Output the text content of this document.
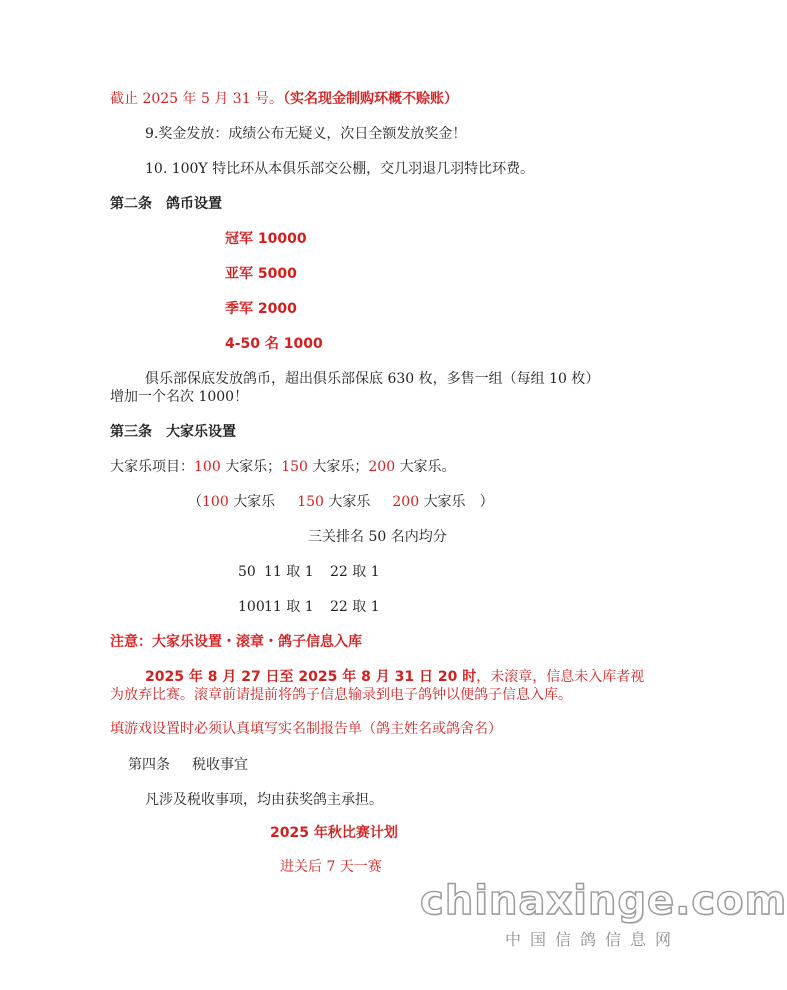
截止 2025 年 5 月 31 号。（实名现金制购环概不赊账）
9.奖金发放：成绩公布无疑义，次日全额发放奖金！
10. 100Y 特比环从本俱乐部交公棚，交几羽退几羽特比环费。
第二条 鸽币设置
冠军 10000
亚军 5000
季军 2000
4-50 名 1000
俱乐部保底发放鸽币，超出俱乐部保底 630 枚，多售一组（每组 10 枚）
增加一个名次 1000！
第三条 大家乐设置
大家乐项目：100 大家乐；150 大家乐；200 大家乐。
（100 大家乐 150 大家乐 200 大家乐 ）
三关排名 50 名内均分
50 11 取 1 22 取 1
10011 取 1 22 取 1
注意：大家乐设置・滚章・鸽子信息入库
2025 年 8 月 27 日至 2025 年 8 月 31 日 20 时，未滚章，信息未入库者视
为放弃比赛。滚章前请提前将鸽子信息输录到电子鸽钟以便鸽子信息入库。
填游戏设置时必须认真填写实名制报告单（鸽主姓名或鸽舍名）
第四条 税收事宜
凡涉及税收事项，均由获奖鸽主承担。
2025 年秋比赛计划
进关后 7 天一赛
chinaxinge.com
中国信鸽信息网
